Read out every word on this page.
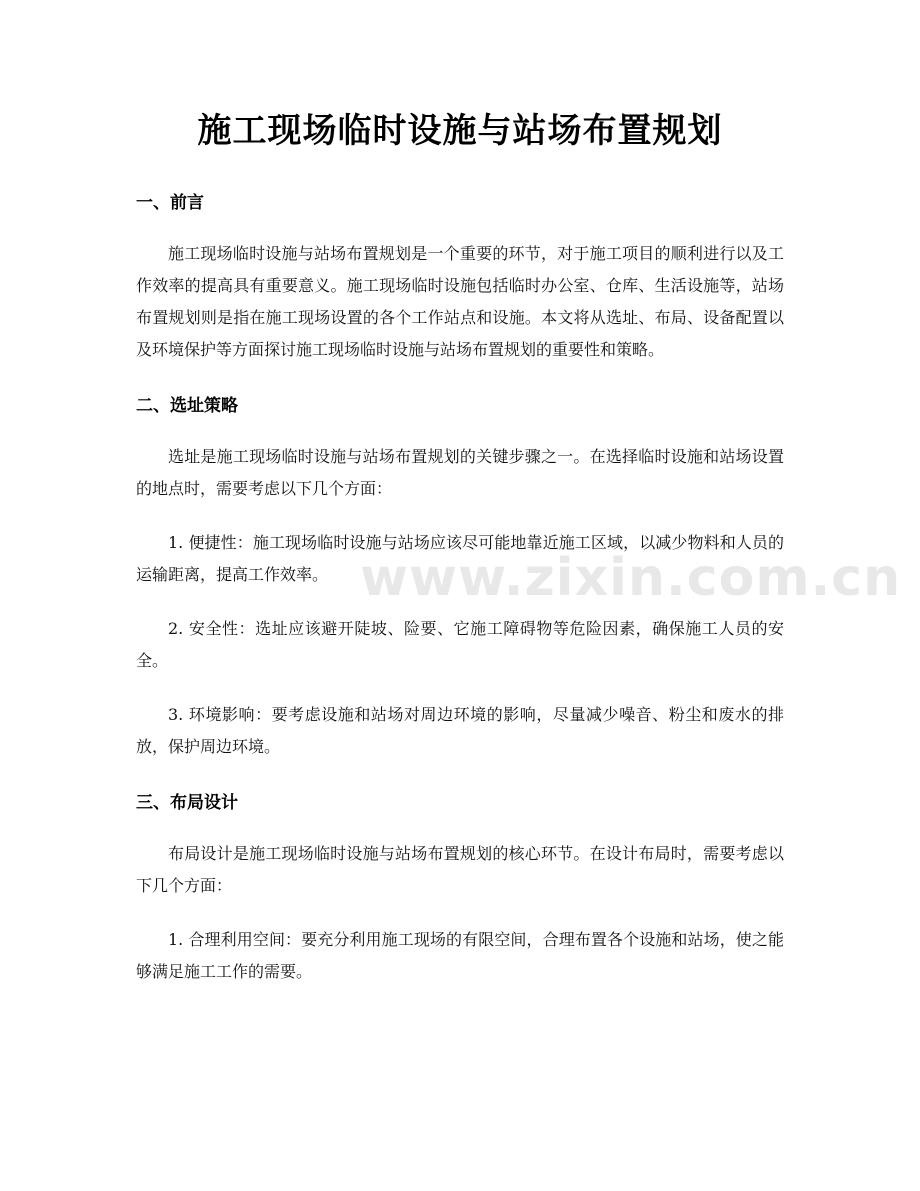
施工现场临时设施与站场布置规划
一、前言

施工现场临时设施与站场布置规划是一个重要的环节，对于施工项目的顺利进行以及工作效率的提高具有重要意义。施工现场临时设施包括临时办公室、仓库、生活设施等，站场布置规划则是指在施工现场设置的各个工作站点和设施。本文将从选址、布局、设备配置以及环境保护等方面探讨施工现场临时设施与站场布置规划的重要性和策略。

二、选址策略

选址是施工现场临时设施与站场布置规划的关键步骤之一。在选择临时设施和站场设置的地点时，需要考虑以下几个方面：

1. 便捷性：施工现场临时设施与站场应该尽可能地靠近施工区域，以减少物料和人员的运输距离，提高工作效率。

2. 安全性：选址应该避开陡坡、险要、它施工障碍物等危险因素，确保施工人员的安全。

3. 环境影响：要考虑设施和站场对周边环境的影响，尽量减少噪音、粉尘和废水的排放，保护周边环境。

三、布局设计

布局设计是施工现场临时设施与站场布置规划的核心环节。在设计布局时，需要考虑以下几个方面：

1. 合理利用空间：要充分利用施工现场的有限空间，合理布置各个设施和站场，使之能够满足施工工作的需要。

www.zixin.com.cn
